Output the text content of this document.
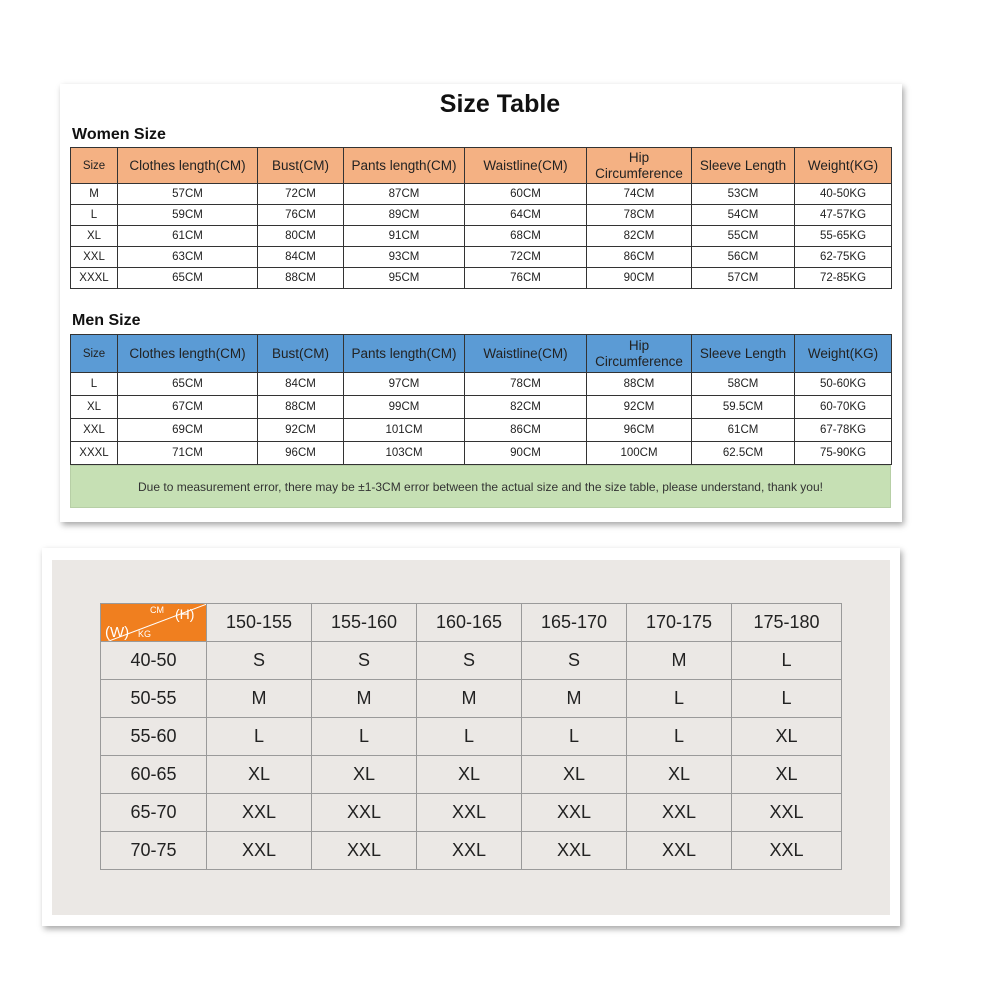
Size Table
Women Size
Size	Clothes length(CM)	Bust(CM)	Pants length(CM)	Waistline(CM)	Hip Circumference	Sleeve Length	Weight(KG)
M	57CM	72CM	87CM	60CM	74CM	53CM	40-50KG
L	59CM	76CM	89CM	64CM	78CM	54CM	47-57KG
XL	61CM	80CM	91CM	68CM	82CM	55CM	55-65KG
XXL	63CM	84CM	93CM	72CM	86CM	56CM	62-75KG
XXXL	65CM	88CM	95CM	76CM	90CM	57CM	72-85KG
Men Size
Size	Clothes length(CM)	Bust(CM)	Pants length(CM)	Waistline(CM)	Hip Circumference	Sleeve Length	Weight(KG)
L	65CM	84CM	97CM	78CM	88CM	58CM	50-60KG
XL	67CM	88CM	99CM	82CM	92CM	59.5CM	60-70KG
XXL	69CM	92CM	101CM	86CM	96CM	61CM	67-78KG
XXXL	71CM	96CM	103CM	90CM	100CM	62.5CM	75-90KG
Due to measurement error, there may be ±1-3CM error between the actual size and the size table, please understand, thank you!
CM (H)
(W) KG	150-155	155-160	160-165	165-170	170-175	175-180
40-50	S	S	S	S	M	L
50-55	M	M	M	M	L	L
55-60	L	L	L	L	L	XL
60-65	XL	XL	XL	XL	XL	XL
65-70	XXL	XXL	XXL	XXL	XXL	XXL
70-75	XXL	XXL	XXL	XXL	XXL	XXL
